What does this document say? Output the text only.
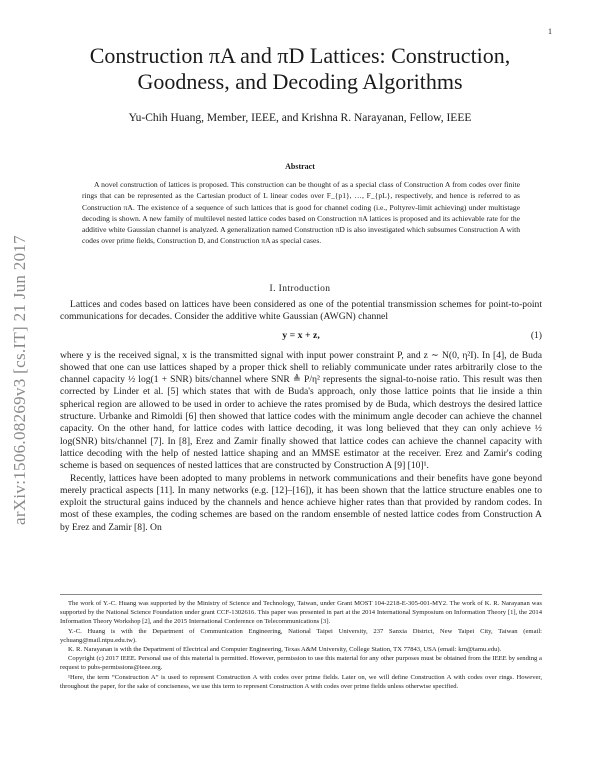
1
arXiv:1506.08269v3 [cs.IT] 21 Jun 2017
Construction πA and πD Lattices: Construction, Goodness, and Decoding Algorithms
Yu-Chih Huang, Member, IEEE, and Krishna R. Narayanan, Fellow, IEEE
Abstract
A novel construction of lattices is proposed. This construction can be thought of as a special class of Construction A from codes over finite rings that can be represented as the Cartesian product of L linear codes over F_{p1}, …, F_{pL}, respectively, and hence is referred to as Construction πA. The existence of a sequence of such lattices that is good for channel coding (i.e., Poltyrev-limit achieving) under multistage decoding is shown. A new family of multilevel nested lattice codes based on Construction πA lattices is proposed and its achievable rate for the additive white Gaussian channel is analyzed. A generalization named Construction πD is also investigated which subsumes Construction A with codes over prime fields, Construction D, and Construction πA as special cases.
I. Introduction

Lattices and codes based on lattices have been considered as one of the potential transmission schemes for point-to-point communications for decades. Consider the additive white Gaussian (AWGN) channel

y = x + z,	(1)

where y is the received signal, x is the transmitted signal with input power constraint P, and z ∼ N(0, η²I). In [4], de Buda showed that one can use lattices shaped by a proper thick shell to reliably communicate under rates arbitrarily close to the channel capacity ½ log(1 + SNR) bits/channel where SNR ≜ P/η² represents the signal-to-noise ratio. This result was then corrected by Linder et al. [5] which states that with de Buda's approach, only those lattice points that lie inside a thin spherical region are allowed to be used in order to achieve the rates promised by de Buda, which destroys the desired lattice structure. Urbanke and Rimoldi [6] then showed that lattice codes with the minimum angle decoder can achieve the channel capacity. On the other hand, for lattice codes with lattice decoding, it was long believed that they can only achieve ½ log(SNR) bits/channel [7]. In [8], Erez and Zamir finally showed that lattice codes can achieve the channel capacity with lattice decoding with the help of nested lattice shaping and an MMSE estimator at the receiver. Erez and Zamir's coding scheme is based on sequences of nested lattices that are constructed by Construction A [9] [10]¹.

Recently, lattices have been adopted to many problems in network communications and their benefits have gone beyond merely practical aspects [11]. In many networks (e.g. [12]–[16]), it has been shown that the lattice structure enables one to exploit the structural gains induced by the channels and hence achieve higher rates than that provided by random codes. In most of these examples, the coding schemes are based on the random ensemble of nested lattice codes from Construction A by Erez and Zamir [8]. On

The work of Y.-C. Huang was supported by the Ministry of Science and Technology, Taiwan, under Grant MOST 104-2218-E-305-001-MY2. The work of K. R. Narayanan was supported by the National Science Foundation under grant CCF-1302616. This paper was presented in part at the 2014 International Symposium on Information Theory [1], the 2014 Information Theory Workshop [2], and the 2015 International Conference on Telecommunications [3].

Y.-C. Huang is with the Department of Communication Engineering, National Taipei University, 237 Sanxia District, New Taipei City, Taiwan (email: ychuang@mail.ntpu.edu.tw).

K. R. Narayanan is with the Department of Electrical and Computer Engineering, Texas A&M University, College Station, TX 77843, USA (email: krn@tamu.edu).

Copyright (c) 2017 IEEE. Personal use of this material is permitted. However, permission to use this material for any other purposes must be obtained from the IEEE by sending a request to pubs-permissions@ieee.org.

¹Here, the term “Construction A” is used to represent Construction A with codes over prime fields. Later on, we will define Construction A with codes over rings. However, throughout the paper, for the sake of conciseness, we use this term to represent Construction A with codes over prime fields unless otherwise specified.
